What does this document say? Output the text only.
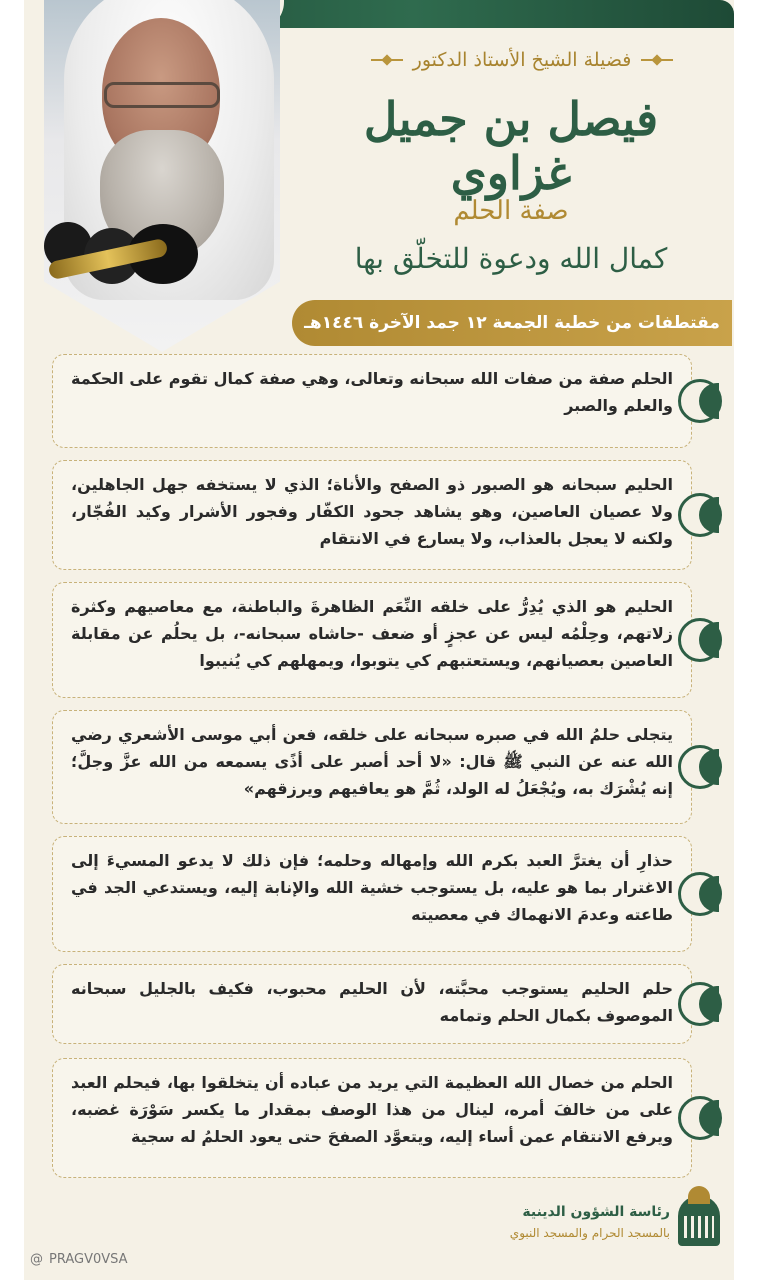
فضيلة الشيخ الأستاذ الدكتور
فيصل بن جميل غزاوي
صفة الحلم
كمال الله ودعوة للتخلّق بها
مقتطفات من خطبة الجمعة ١٢ جمد الآخرة ١٤٤٦هـ

الحلم صفة من صفات الله سبحانه وتعالى، وهي صفة كمال تقوم على الحكمة والعلم والصبر

الحليم سبحانه هو الصبور ذو الصفح والأناة؛ الذي لا يستخفه جهل الجاهلين، ولا عصيان العاصين، وهو يشاهد جحود الكفّار وفجور الأشرار وكيد الفُجّار، ولكنه لا يعجل بالعذاب، ولا يسارع في الانتقام

الحليم هو الذي يُدِرُّ على خلقه النِّعَم الظاهرةَ والباطنة، مع معاصيهم وكثرة زلاتهم، وحِلْمُه ليس عن عجزٍ أو ضعف -حاشاه سبحانه-، بل يحلُم عن مقابلة العاصين بعصيانهم، ويستعتبهم كي يتوبوا، ويمهلهم كي يُنيبوا

يتجلى حلمُ الله في صبره سبحانه على خلقه، فعن أبي موسى الأشعري رضي الله عنه عن النبي ﷺ قال: «لا أحد أصبر على أذًى يسمعه من الله عزَّ وجلَّ؛ إنه يُشْرَك به، ويُجْعَلُ له الولد، ثُمَّ هو يعافيهم ويرزقهم»

حذارِ أن يغترَّ العبد بكرم الله وإمهاله وحلمه؛ فإن ذلك لا يدعو المسيءَ إلى الاغترار بما هو عليه، بل يستوجب خشية الله والإنابة إليه، ويستدعي الجد في طاعته وعدمَ الانهماك في معصيته

حلم الحليم يستوجب محبَّته، لأن الحليم محبوب، فكيف بالجليل سبحانه الموصوف بكمال الحلم وتمامه

الحلم من خصال الله العظيمة التي يريد من عباده أن يتخلقوا بها، فيحلم العبد على من خالفَ أمره، لينال من هذا الوصف بمقدار ما يكسر سَوْرَة غضبه، ويرفع الانتقام عمن أساء إليه، ويتعوَّد الصفحَ حتى يعود الحلمُ له سجية

رئاسة الشؤون الدينية
بالمسجد الحرام والمسجد النبوي
@ PRAGV0VSA
